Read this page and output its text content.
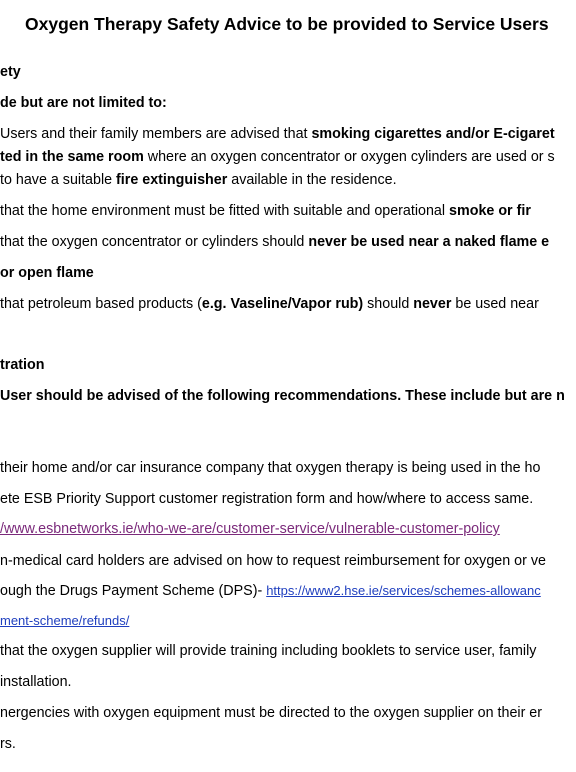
Oxygen Therapy Safety Advice to be provided to Service Users
ety
de but are not limited to:
Users and their family members are advised that smoking cigarettes and/or E-cigaret
ted in the same room where an oxygen concentrator or oxygen cylinders are used or s
to have a suitable fire extinguisher available in the residence.
that the home environment must be fitted with suitable and operational smoke or fir
that the oxygen concentrator or cylinders should never be used near a naked flame e
or open flame
that petroleum based products (e.g. Vaseline/Vapor rub) should never be used near
tration
User should be advised of the following recommendations. These include but are n
their home and/or car insurance company that oxygen therapy is being used in the ho
ete ESB Priority Support customer registration form and how/where to access same.
/www.esbnetworks.ie/who-we-are/customer-service/vulnerable-customer-policy
n-medical card holders are advised on how to request reimbursement for oxygen or ve
ough the Drugs Payment Scheme (DPS)- https://www2.hse.ie/services/schemes-allowanc
ment-scheme/refunds/
that the oxygen supplier will provide training including booklets to service user, family
installation.
nergencies with oxygen equipment must be directed to the oxygen supplier on their er
rs.
